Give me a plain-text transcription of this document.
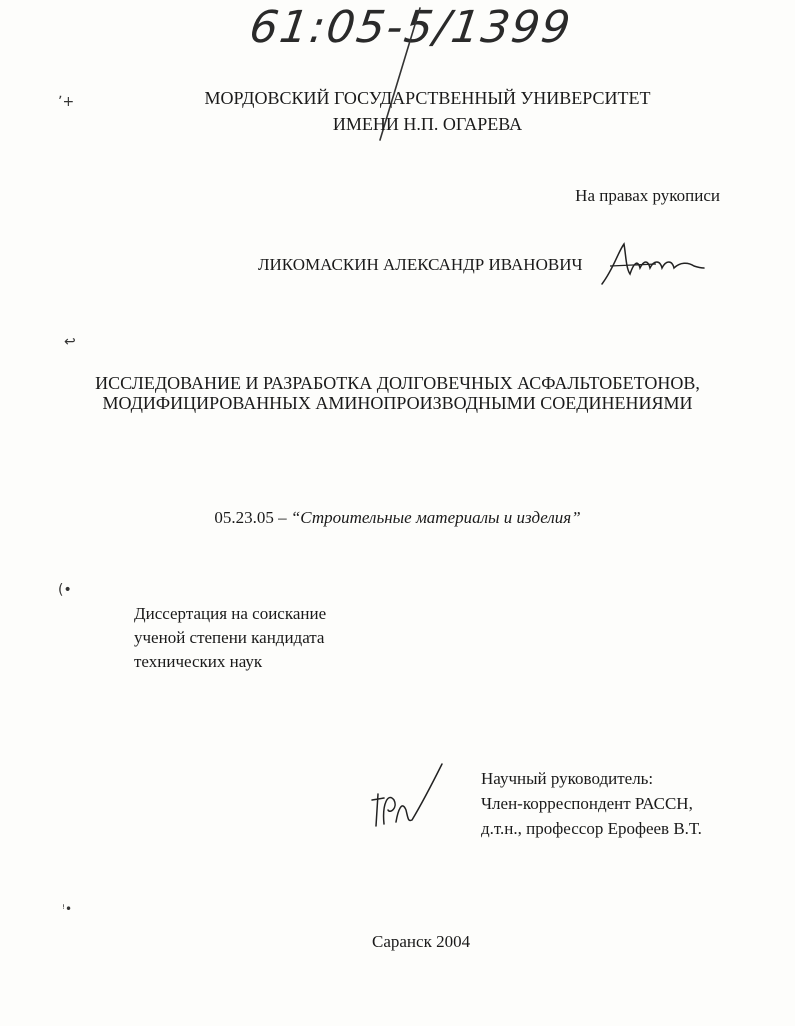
61:05-5/1399
ʼ+
↩
(•
ꜝ•
МОРДОВСКИЙ ГОСУДАРСТВЕННЫЙ УНИВЕРСИТЕТ
ИМЕНИ Н.П. ОГАРЕВА
На правах рукописи
ЛИКОМАСКИН АЛЕКСАНДР ИВАНОВИЧ
ИССЛЕДОВАНИЕ И РАЗРАБОТКА ДОЛГОВЕЧНЫХ АСФАЛЬТОБЕТОНОВ,
МОДИФИЦИРОВАННЫХ АМИНОПРОИЗВОДНЫМИ СОЕДИНЕНИЯМИ
05.23.05 – “Строительные материалы и изделия”
Диссертация на соискание
ученой степени кандидата
технических наук
Научный руководитель:
Член-корреспондент РАССН,
д.т.н., профессор Ерофеев В.Т.
Саранск 2004
